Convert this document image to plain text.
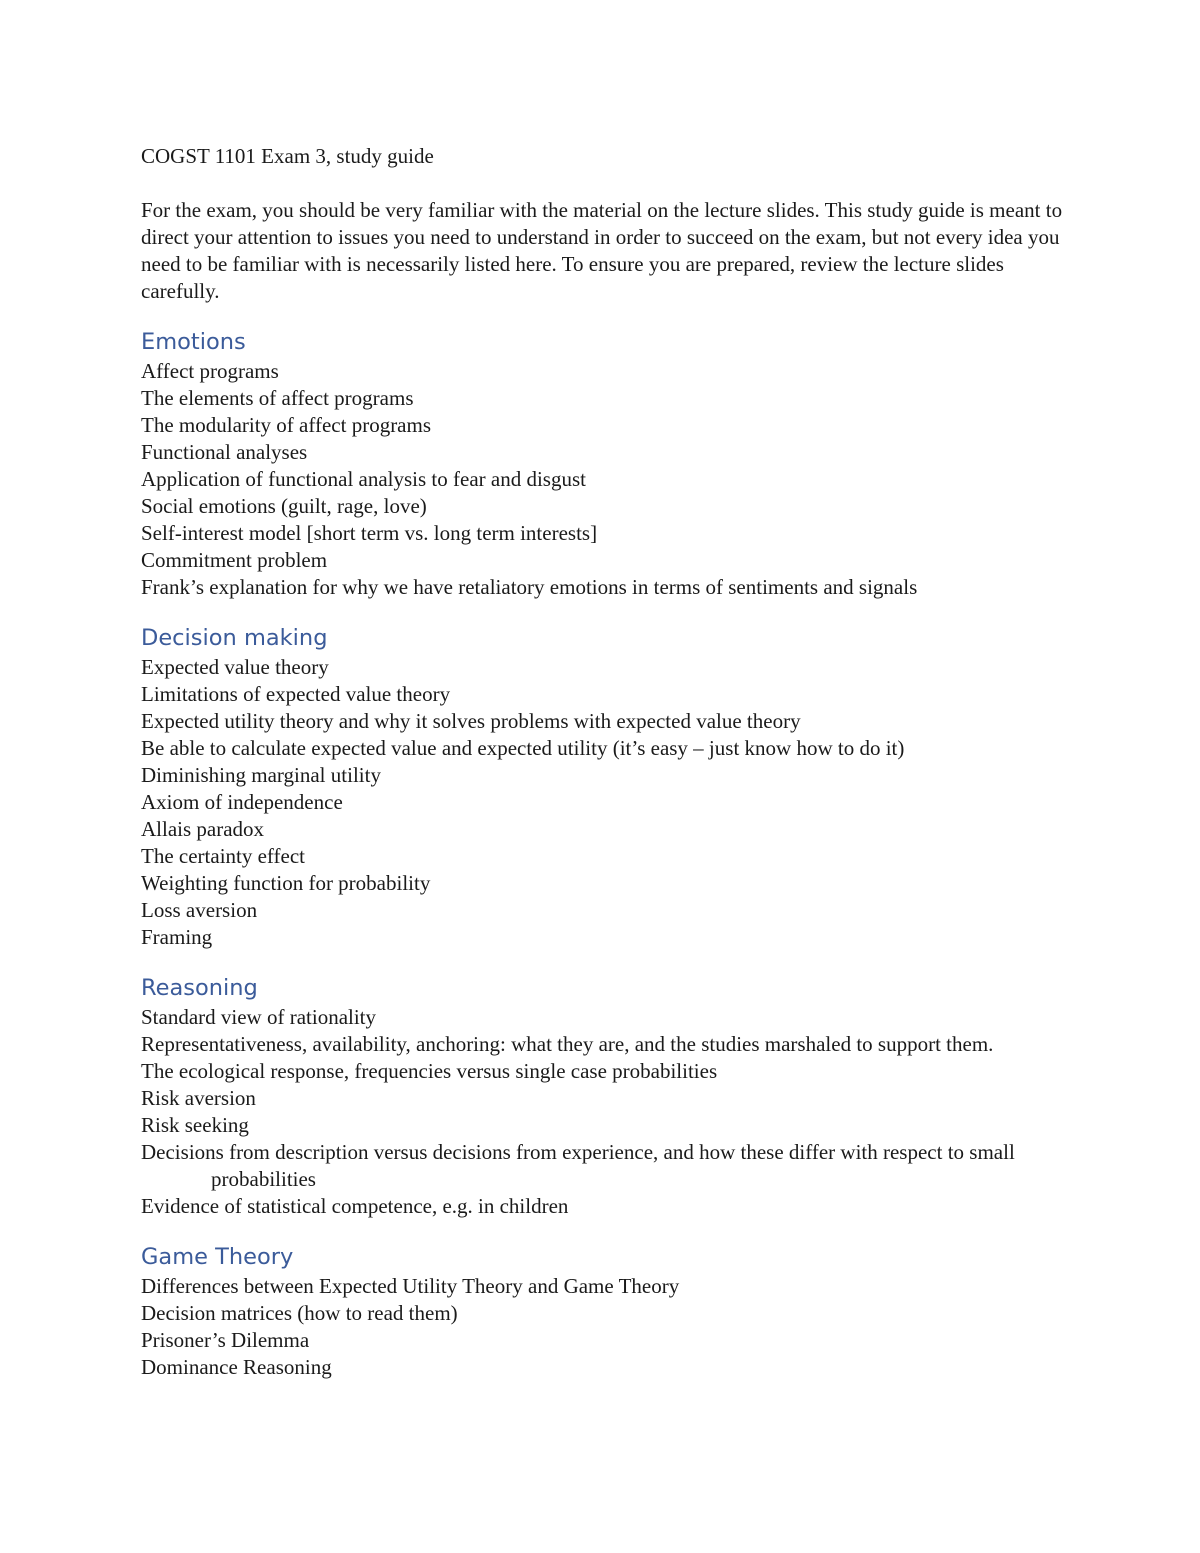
COGST 1101 Exam 3, study guide

For the exam, you should be very familiar with the material on the lecture slides. This study guide is meant to direct your attention to issues you need to understand in order to succeed on the exam, but not every idea you need to be familiar with is necessarily listed here. To ensure you are prepared, review the lecture slides carefully.

Emotions
Affect programs
The elements of affect programs
The modularity of affect programs
Functional analyses
Application of functional analysis to fear and disgust
Social emotions (guilt, rage, love)
Self-interest model [short term vs. long term interests]
Commitment problem
Frank’s explanation for why we have retaliatory emotions in terms of sentiments and signals
Decision making
Expected value theory
Limitations of expected value theory
Expected utility theory and why it solves problems with expected value theory
Be able to calculate expected value and expected utility (it’s easy – just know how to do it)
Diminishing marginal utility
Axiom of independence
Allais paradox
The certainty effect
Weighting function for probability
Loss aversion
Framing
Reasoning
Standard view of rationality
Representativeness, availability, anchoring: what they are, and the studies marshaled to support them.
The ecological response, frequencies versus single case probabilities
Risk aversion
Risk seeking
Decisions from description versus decisions from experience, and how these differ with respect to small probabilities
Evidence of statistical competence, e.g. in children
Game Theory
Differences between Expected Utility Theory and Game Theory
Decision matrices (how to read them)
Prisoner’s Dilemma
Dominance Reasoning
